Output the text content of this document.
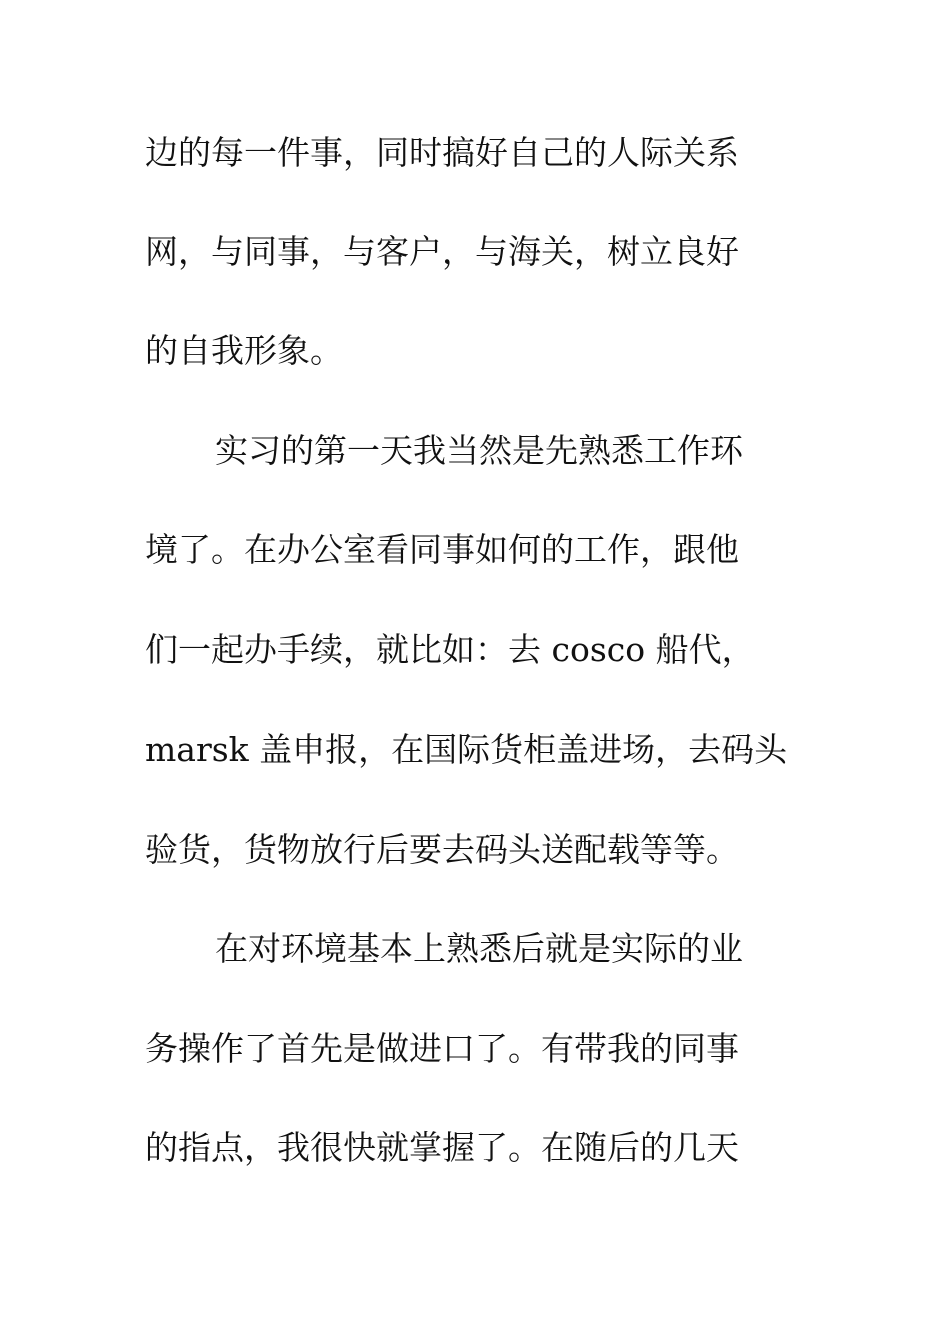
边的每一件事，同时搞好自己的人际关系

网，与同事，与客户，与海关，树立良好

的自我形象。

实习的第一天我当然是先熟悉工作环

境了。在办公室看同事如何的工作，跟他

们一起办手续，就比如：去 cosco 船代，

marsk 盖申报，在国际货柜盖进场，去码头

验货，货物放行后要去码头送配载等等。

在对环境基本上熟悉后就是实际的业

务操作了首先是做进口了。有带我的同事

的指点，我很快就掌握了。在随后的几天
